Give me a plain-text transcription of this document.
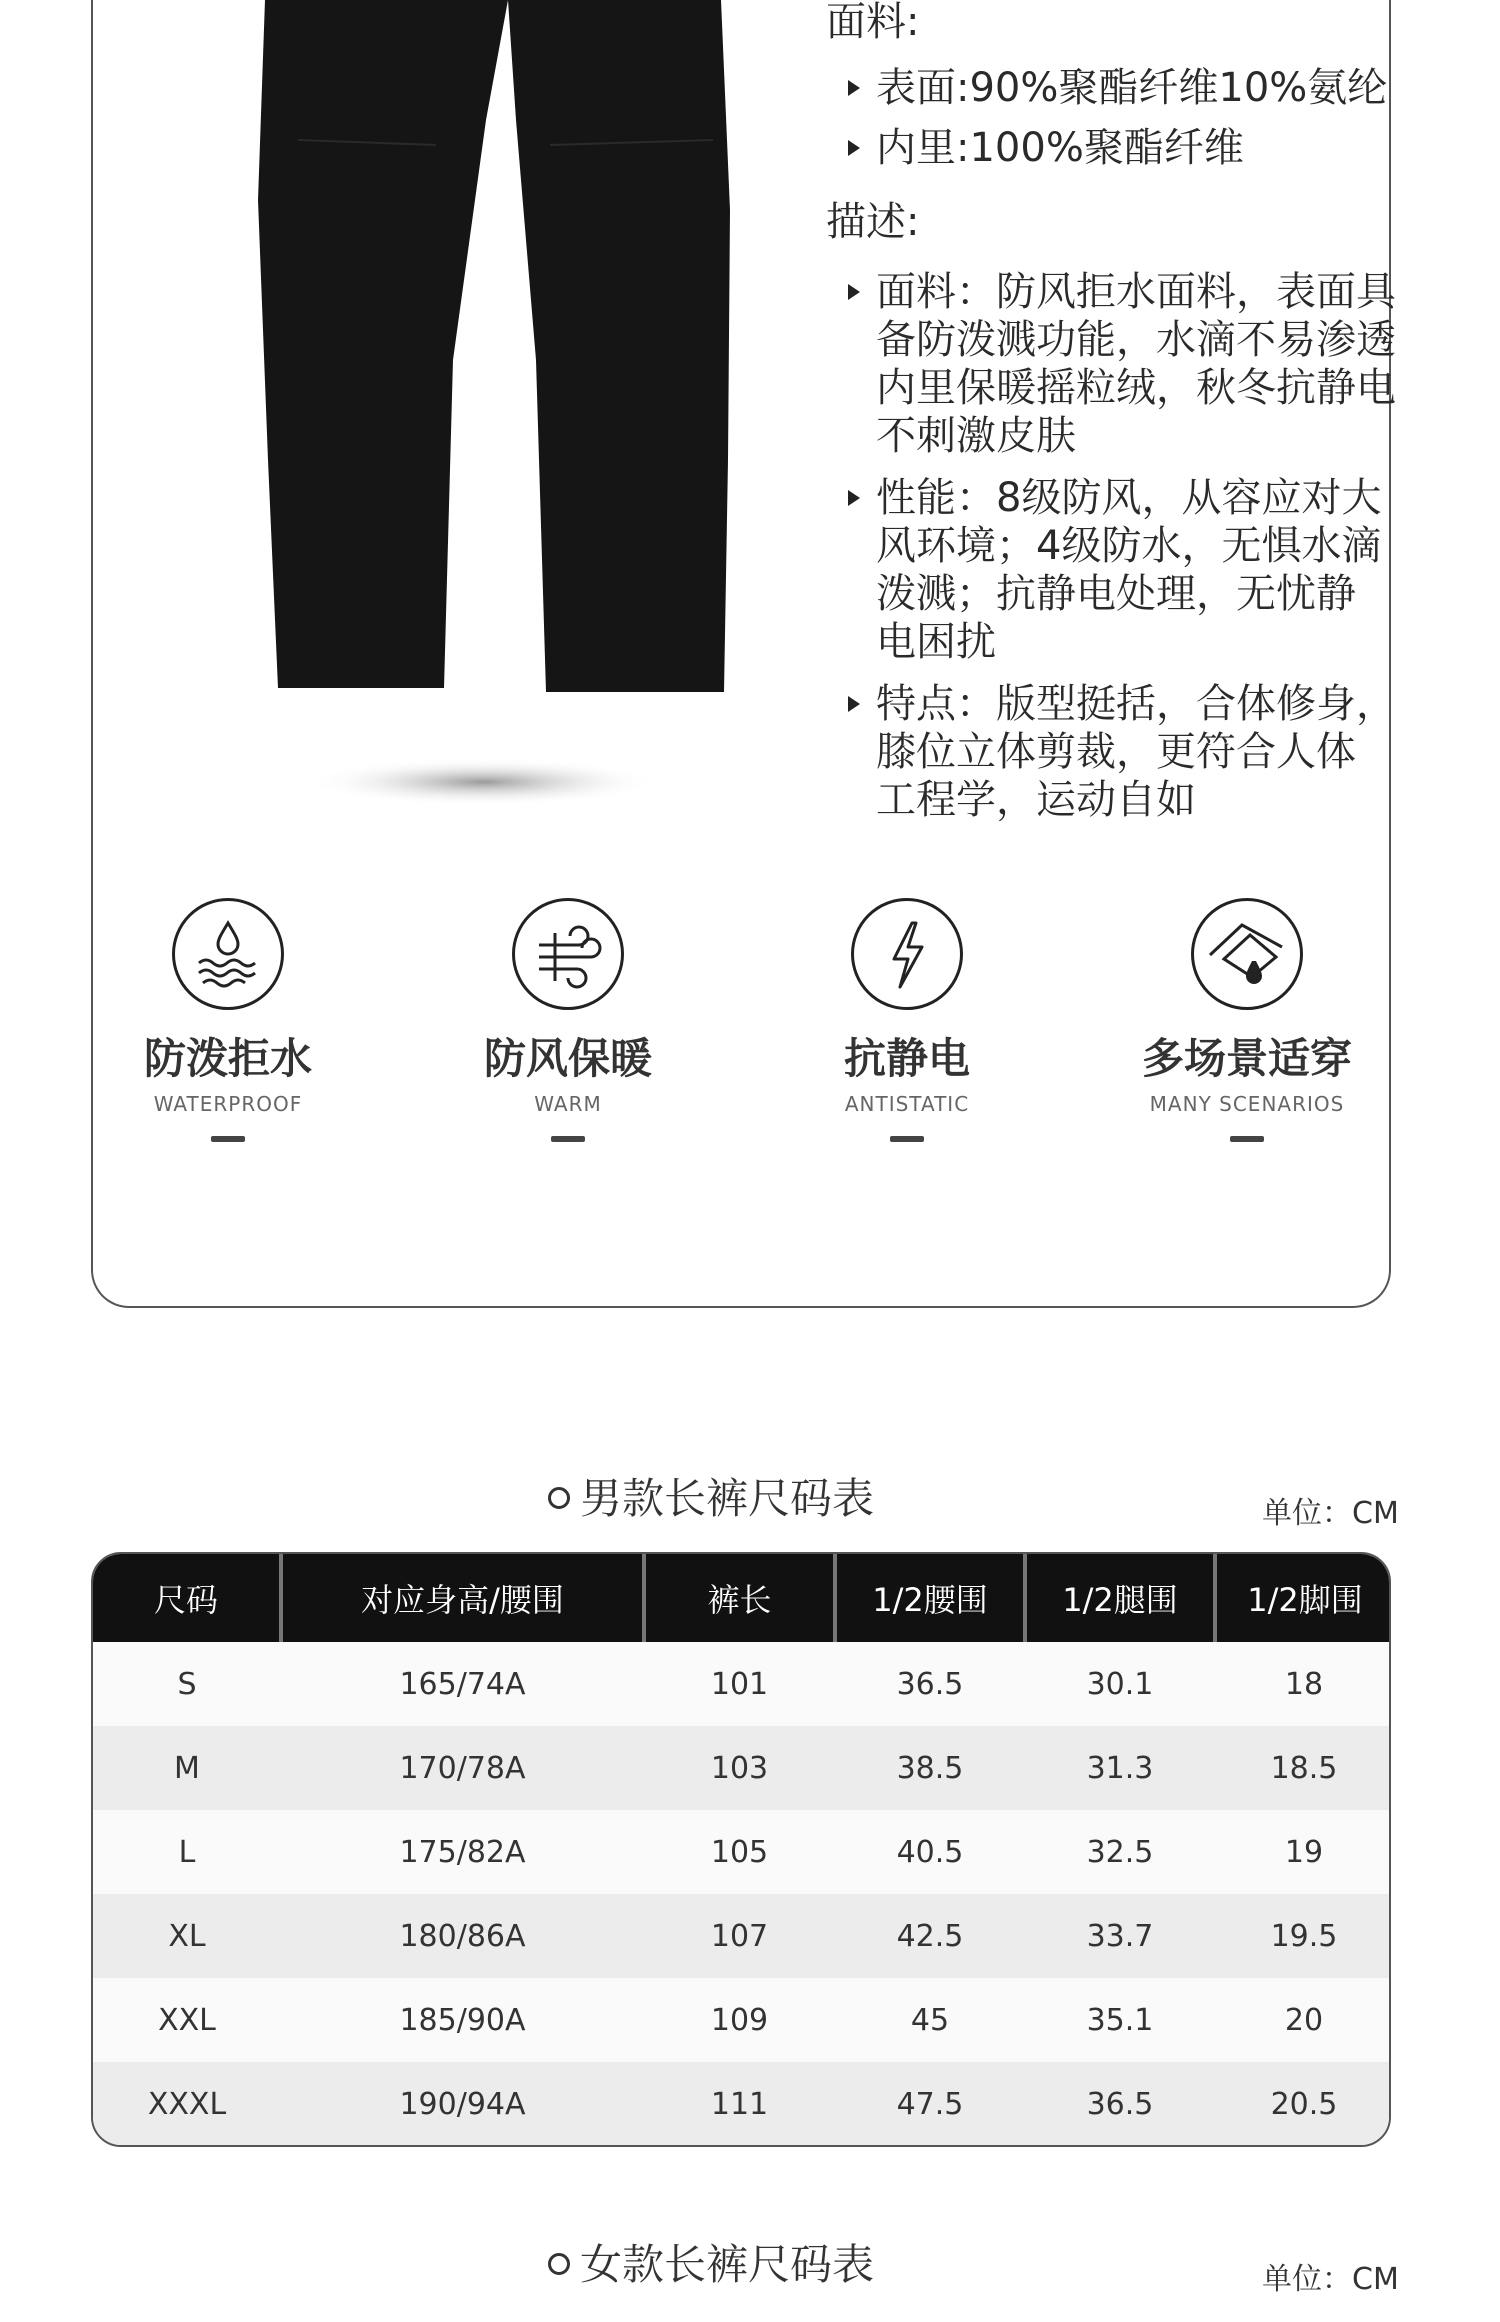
面料:
表面:90%聚酯纤维10%氨纶
内里:100%聚酯纤维
描述:
面料：防风拒水面料，表面具
备防泼溅功能，水滴不易渗透
内里保暖摇粒绒，秋冬抗静电
不刺激皮肤
性能：8级防风，从容应对大
风环境；4级防水，无惧水滴
泼溅；抗静电处理，无忧静
电困扰
特点：版型挺括，合体修身，
膝位立体剪裁，更符合人体
工程学，运动自如
防泼拒水
WATERPROOF
防风保暖
WARM
抗静电
ANTISTATIC
多场景适穿
MANY SCENARIOS
男款长裤尺码表	单位：CM
尺码	对应身高/腰围	裤长	1/2腰围	1/2腿围	1/2脚围
S	165/74A	101	36.5	30.1	18
M	170/78A	103	38.5	31.3	18.5
L	175/82A	105	40.5	32.5	19
XL	180/86A	107	42.5	33.7	19.5
XXL	185/90A	109	45	35.1	20
XXXL	190/94A	111	47.5	36.5	20.5
女款长裤尺码表	单位：CM
